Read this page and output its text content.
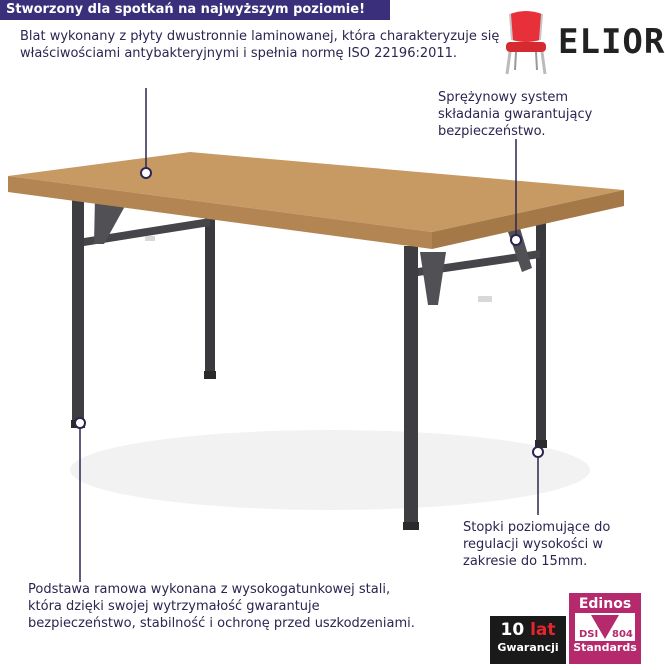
Stworzony dla spotkań na najwyższym poziomie!
ELIOR

Blat wykonany z płyty dwustronnie laminowanej, która charakteryzuje się właściwościami antybakteryjnymi i spełnia normę ISO 22196:2011.

Sprężynowy system składania gwarantujący bezpieczeństwo.

Stopki poziomujące do regulacji wysokości w zakresie do 15mm.

Podstawa ramowa wykonana z wysokogatunkowej stali, która dzięki swojej wytrzymałość gwarantuje bezpieczeństwo, stabilność i ochronę przed uszkodzeniami.	10 lat
Gwarancji
Edinos
DSI 804
Standards
